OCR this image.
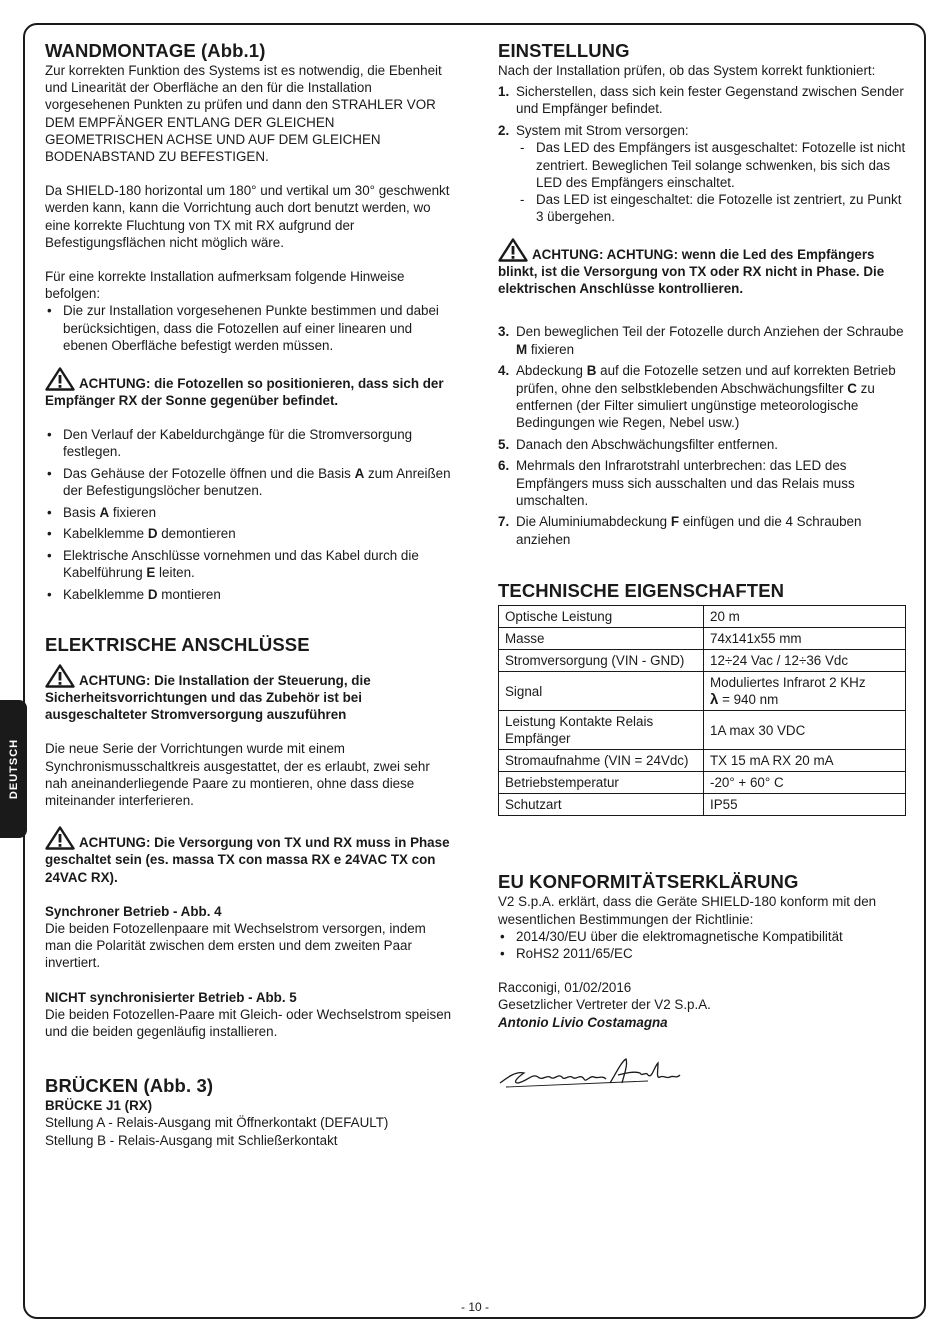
DEUTSCH
WANDMONTAGE (Abb.1)

Zur korrekten Funktion des Systems ist es notwendig, die Ebenheit und Linearität der Oberfläche an den für die Installation vorgesehenen Punkten zu prüfen und dann den STRAHLER VOR DEM EMPFÄNGER ENTLANG DER GLEICHEN GEOMETRISCHEN ACHSE UND AUF DEM GLEICHEN BODENABSTAND ZU BEFESTIGEN.

Da SHIELD-180 horizontal um 180° und vertikal um 30° geschwenkt werden kann, kann die Vorrichtung auch dort benutzt werden, wo eine korrekte Fluchtung von TX mit RX aufgrund der Befestigungsflächen nicht möglich wäre.

Für eine korrekte Installation aufmerksam folgende Hinweise befolgen:

• Die zur Installation vorgesehenen Punkte bestimmen und dabei berücksichtigen, dass die Fotozellen auf einer linearen und ebenen Oberfläche befestigt werden müssen.

ACHTUNG: die Fotozellen so positionieren, dass sich der Empfänger RX der Sonne gegenüber befindet.

• Den Verlauf der Kabeldurchgänge für die Stromversorgung festlegen.
• Das Gehäuse der Fotozelle öffnen und die Basis A zum Anreißen der Befestigungslöcher benutzen.
• Basis A fixieren
• Kabelklemme D demontieren
• Elektrische Anschlüsse vornehmen und das Kabel durch die Kabelführung E leiten.
• Kabelklemme D montieren
ELEKTRISCHE ANSCHLÜSSE

ACHTUNG: Die Installation der Steuerung, die Sicherheitsvorrichtungen und das Zubehör ist bei ausgeschalteter Stromversorgung auszuführen

Die neue Serie der Vorrichtungen wurde mit einem Synchronismusschaltkreis ausgestattet, der es erlaubt, zwei sehr nah aneinanderliegende Paare zu montieren, ohne dass diese miteinander interferieren.

ACHTUNG: Die Versorgung von TX und RX muss in Phase geschaltet sein (es. massa TX con massa RX e 24VAC TX con 24VAC RX).

Synchroner Betrieb - Abb. 4

Die beiden Fotozellenpaare mit Wechselstrom versorgen, indem man die Polarität zwischen dem ersten und dem zweiten Paar invertiert.

NICHT synchronisierter Betrieb - Abb. 5

Die beiden Fotozellen-Paare mit Gleich- oder Wechselstrom speisen und die beiden gegenläufig installieren.

BRÜCKEN (Abb. 3)

BRÜCKE J1 (RX)

Stellung A - Relais-Ausgang mit Öffnerkontakt (DEFAULT)

Stellung B - Relais-Ausgang mit Schließerkontakt

EINSTELLUNG

Nach der Installation prüfen, ob das System korrekt funktioniert:

1. Sicherstellen, dass sich kein fester Gegenstand zwischen Sender und Empfänger befindet.
2. System mit Strom versorgen:
- Das LED des Empfängers ist ausgeschaltet: Fotozelle ist nicht zentriert. Beweglichen Teil solange schwenken, bis sich das LED des Empfängers einschaltet.
- Das LED ist eingeschaltet: die Fotozelle ist zentriert, zu Punkt 3 übergehen.

ACHTUNG: ACHTUNG: wenn die Led des Empfängers blinkt, ist die Versorgung von TX oder RX nicht in Phase. Die elektrischen Anschlüsse kontrollieren.

3. Den beweglichen Teil der Fotozelle durch Anziehen der Schraube M fixieren
4. Abdeckung B auf die Fotozelle setzen und auf korrekten Betrieb prüfen, ohne den selbstklebenden Abschwächungsfilter C zu entfernen (der Filter simuliert ungünstige meteorologische Bedingungen wie Regen, Nebel usw.)
5. Danach den Abschwächungsfilter entfernen.
6. Mehrmals den Infrarotstrahl unterbrechen: das LED des Empfängers muss sich ausschalten und das Relais muss umschalten.
7. Die Aluminiumabdeckung F einfügen und die 4 Schrauben anziehen
TECHNISCHE EIGENSCHAFTEN
Optische Leistung	20 m
Masse	74x141x55 mm
Stromversorgung (VIN - GND)	12÷24 Vac / 12÷36 Vdc
Signal	Moduliertes Infrarot 2 KHz
λ = 940 nm
Leistung Kontakte Relais Empfänger	1A max 30 VDC
Stromaufnahme (VIN = 24Vdc)	TX 15 mA RX 20 mA
Betriebstemperatur	-20° + 60° C
Schutzart	IP55
EU KONFORMITÄTSERKLÄRUNG

V2 S.p.A. erklärt, dass die Geräte SHIELD-180 konform mit den wesentlichen Bestimmungen der Richtlinie:

• 2014/30/EU über die elektromagnetische Kompatibilität
• RoHS2 2011/65/EC

Racconigi, 01/02/2016

Gesetzlicher Vertreter der V2 S.p.A.

Antonio Livio Costamagna

- 10 -
